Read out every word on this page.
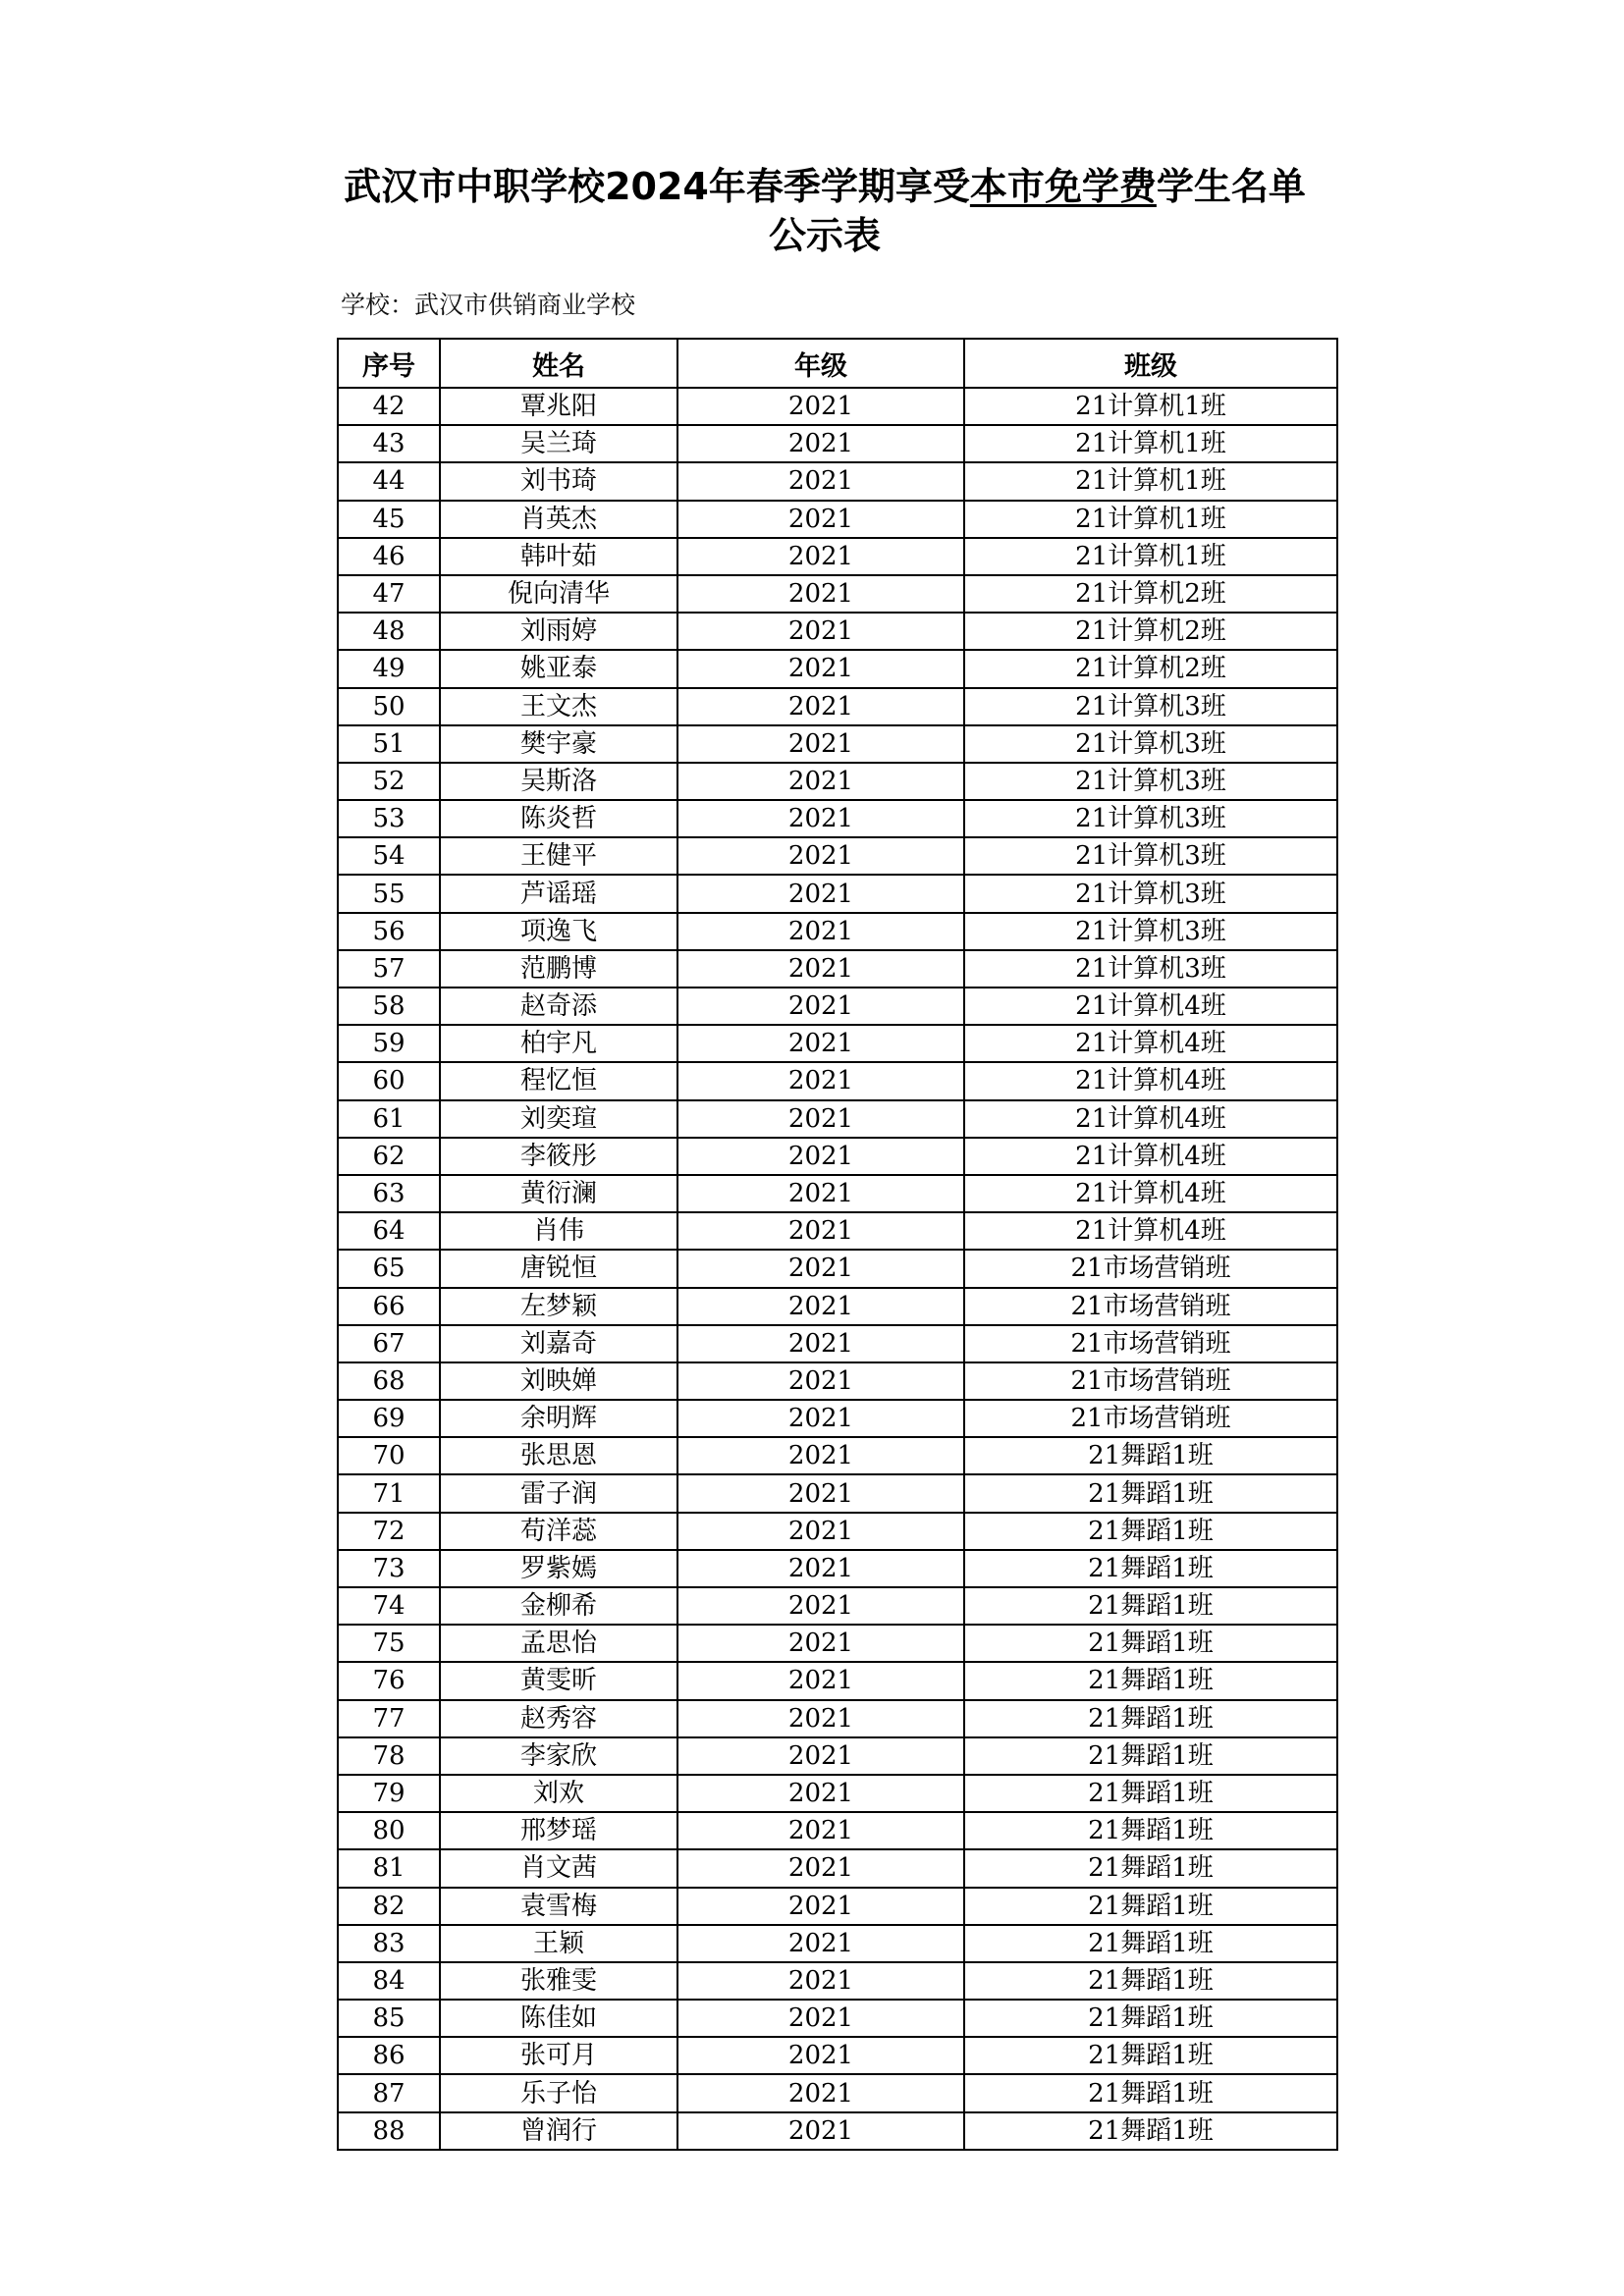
武汉市中职学校2024年春季学期享受本市免学费学生名单
公示表
学校：武汉市供销商业学校
序号	姓名	年级	班级
42	覃兆阳	2021	21计算机1班
43	吴兰琦	2021	21计算机1班
44	刘书琦	2021	21计算机1班
45	肖英杰	2021	21计算机1班
46	韩叶茹	2021	21计算机1班
47	倪向清华	2021	21计算机2班
48	刘雨婷	2021	21计算机2班
49	姚亚泰	2021	21计算机2班
50	王文杰	2021	21计算机3班
51	樊宇豪	2021	21计算机3班
52	吴斯洛	2021	21计算机3班
53	陈炎哲	2021	21计算机3班
54	王健平	2021	21计算机3班
55	芦谣瑶	2021	21计算机3班
56	项逸飞	2021	21计算机3班
57	范鹏博	2021	21计算机3班
58	赵奇添	2021	21计算机4班
59	柏宇凡	2021	21计算机4班
60	程忆恒	2021	21计算机4班
61	刘奕瑄	2021	21计算机4班
62	李筱彤	2021	21计算机4班
63	黄衍澜	2021	21计算机4班
64	肖伟	2021	21计算机4班
65	唐锐恒	2021	21市场营销班
66	左梦颖	2021	21市场营销班
67	刘嘉奇	2021	21市场营销班
68	刘映婵	2021	21市场营销班
69	余明辉	2021	21市场营销班
70	张思恩	2021	21舞蹈1班
71	雷子润	2021	21舞蹈1班
72	苟洋蕊	2021	21舞蹈1班
73	罗紫嫣	2021	21舞蹈1班
74	金柳希	2021	21舞蹈1班
75	孟思怡	2021	21舞蹈1班
76	黄雯昕	2021	21舞蹈1班
77	赵秀容	2021	21舞蹈1班
78	李家欣	2021	21舞蹈1班
79	刘欢	2021	21舞蹈1班
80	邢梦瑶	2021	21舞蹈1班
81	肖文茜	2021	21舞蹈1班
82	袁雪梅	2021	21舞蹈1班
83	王颖	2021	21舞蹈1班
84	张雅雯	2021	21舞蹈1班
85	陈佳如	2021	21舞蹈1班
86	张可月	2021	21舞蹈1班
87	乐子怡	2021	21舞蹈1班
88	曾润行	2021	21舞蹈1班
